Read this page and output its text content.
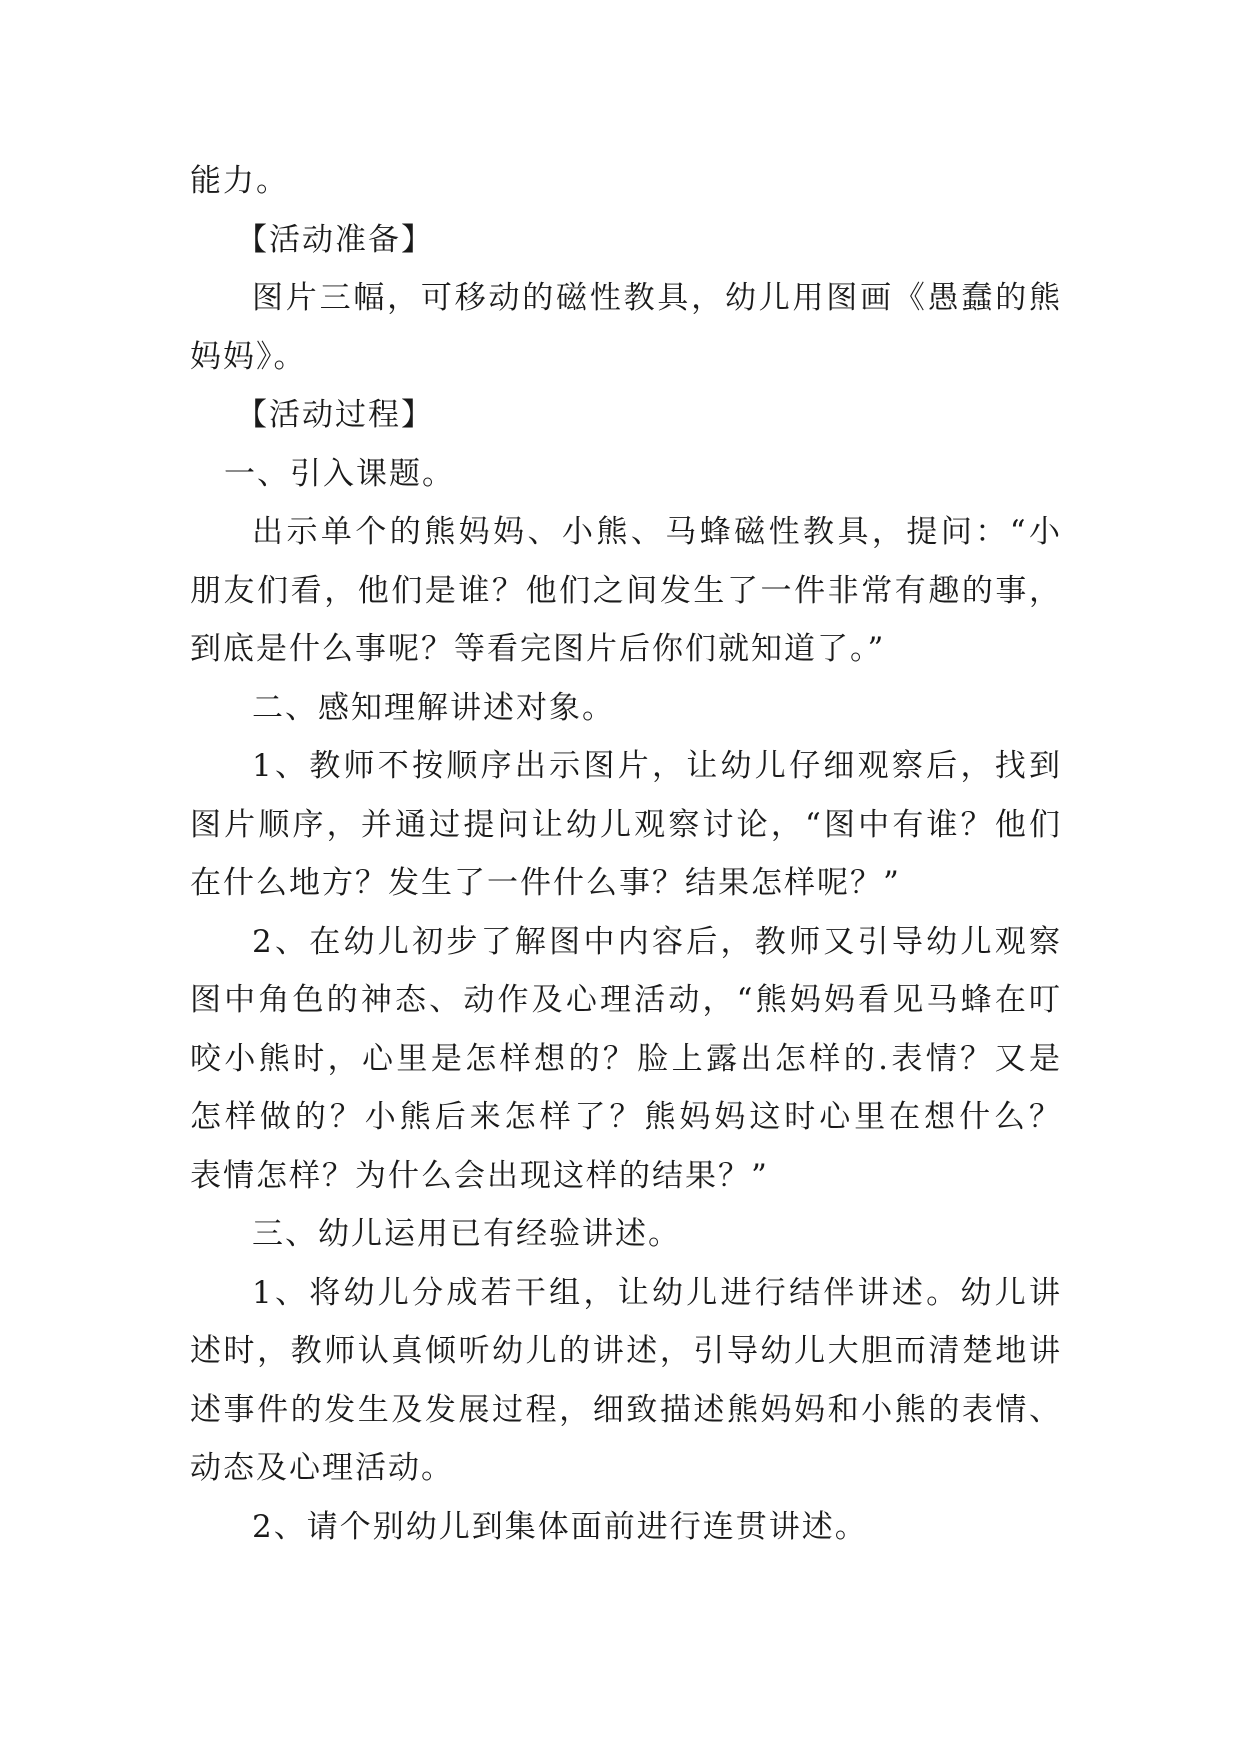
能力。
【活动准备】
图片三幅，可移动的磁性教具，幼儿用图画《愚蠢的熊
妈妈》。
【活动过程】
一、引入课题。
出示单个的熊妈妈、小熊、马蜂磁性教具，提问：“小
朋友们看，他们是谁？他们之间发生了一件非常有趣的事，
到底是什么事呢？等看完图片后你们就知道了。”
二、感知理解讲述对象。
1、教师不按顺序出示图片，让幼儿仔细观察后，找到
图片顺序，并通过提问让幼儿观察讨论，“图中有谁？他们
在什么地方？发生了一件什么事？结果怎样呢？”
2、在幼儿初步了解图中内容后，教师又引导幼儿观察
图中角色的神态、动作及心理活动，“熊妈妈看见马蜂在叮
咬小熊时，心里是怎样想的？脸上露出怎样的.表情？又是
怎样做的？小熊后来怎样了？熊妈妈这时心里在想什么？
表情怎样？为什么会出现这样的结果？”
三、幼儿运用已有经验讲述。
1、将幼儿分成若干组，让幼儿进行结伴讲述。幼儿讲
述时，教师认真倾听幼儿的讲述，引导幼儿大胆而清楚地讲
述事件的发生及发展过程，细致描述熊妈妈和小熊的表情、
动态及心理活动。
2、请个别幼儿到集体面前进行连贯讲述。
